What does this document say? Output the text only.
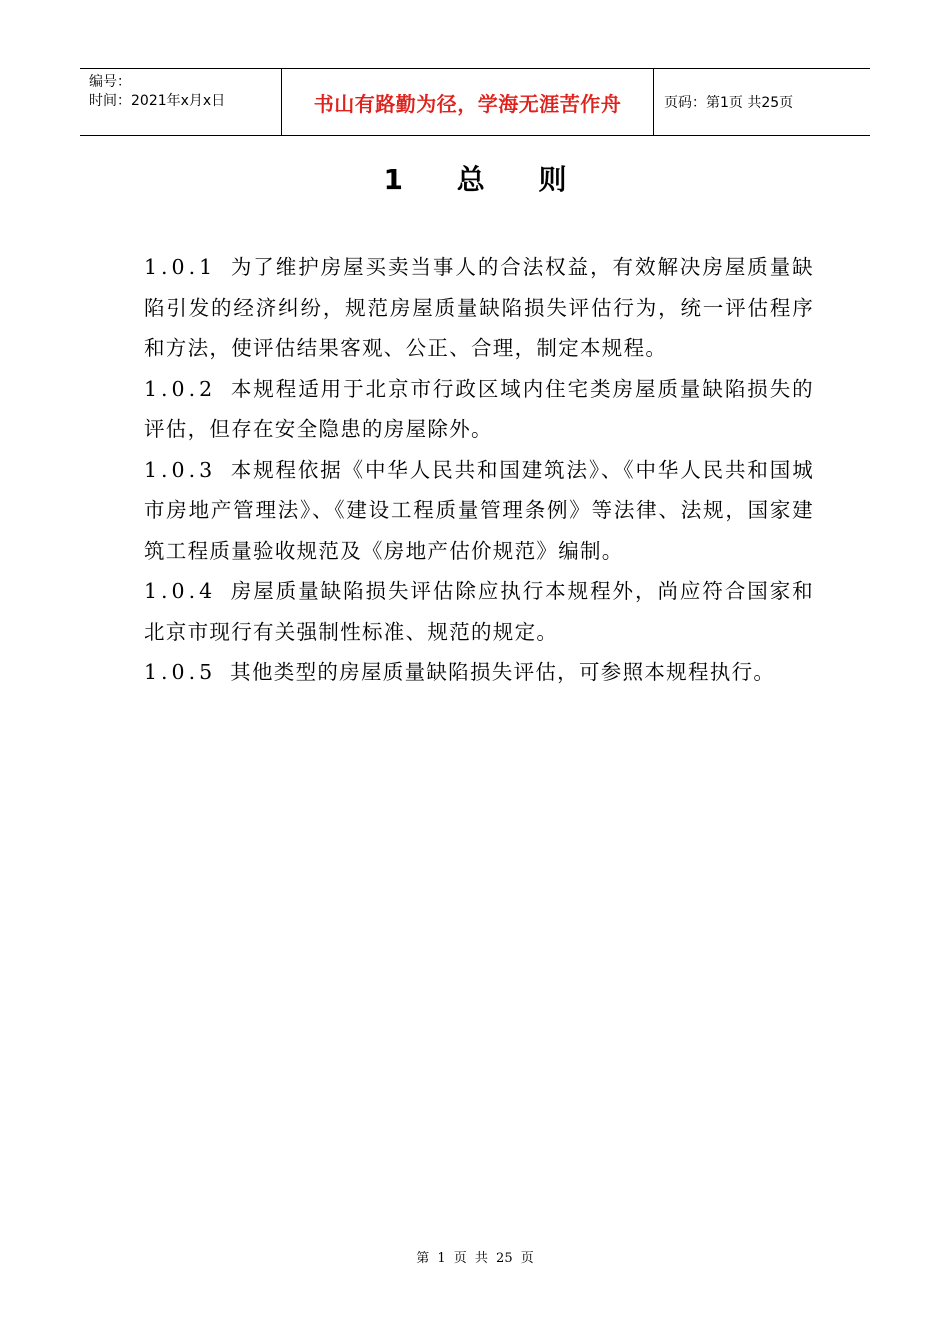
编号：
时间：2021年x月x日	书山有路勤为径，学海无涯苦作舟	页码：第1页 共25页
1 总 则

1.0.1 为了维护房屋买卖当事人的合法权益，有效解决房屋质量缺陷引发的经济纠纷，规范房屋质量缺陷损失评估行为，统一评估程序和方法，使评估结果客观、公正、合理，制定本规程。

1.0.2 本规程适用于北京市行政区域内住宅类房屋质量缺陷损失的评估，但存在安全隐患的房屋除外。

1.0.3 本规程依据《中华人民共和国建筑法》、《中华人民共和国城市房地产管理法》、《建设工程质量管理条例》等法律、法规，国家建筑工程质量验收规范及《房地产估价规范》编制。

1.0.4 房屋质量缺陷损失评估除应执行本规程外，尚应符合国家和北京市现行有关强制性标准、规范的规定。

1.0.5 其他类型的房屋质量缺陷损失评估，可参照本规程执行。

第 1 页 共 25 页
